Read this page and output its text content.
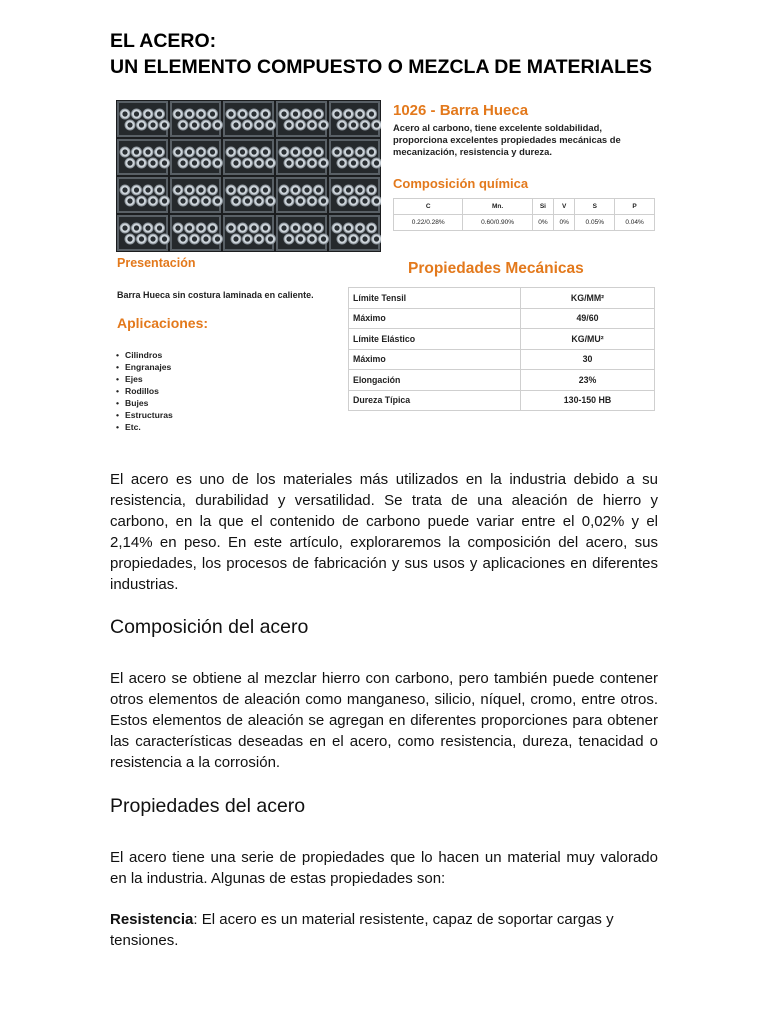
EL ACERO:
UN ELEMENTO COMPUESTO O MEZCLA DE MATERIALES
1026 - Barra Hueca
Acero al carbono, tiene excelente soldabilidad, proporciona excelentes propiedades mecánicas de mecanización, resistencia y dureza.
Composición química
C	Mn.	Si	V	S	P
0.22/0.28%	0.60/0.90%	0%	0%	0.05%	0.04%
Presentación
Barra Hueca sin costura laminada en caliente.
Aplicaciones:
• Cilindros
• Engranajes
• Ejes
• Rodillos
• Bujes
• Estructuras
• Etc.
Propiedades Mecánicas
Límite Tensil	KG/MM²
Máximo	49/60
Límite Elástico	KG/MU²
Máximo	30
Elongación	23%
Dureza Típica	130-150 HB

El acero es uno de los materiales más utilizados en la industria debido a su resistencia, durabilidad y versatilidad. Se trata de una aleación de hierro y carbono, en la que el contenido de carbono puede variar entre el 0,02% y el 2,14% en peso. En este artículo, exploraremos la composición del acero, sus propiedades, los procesos de fabricación y sus usos y aplicaciones en diferentes industrias.

Composición del acero

El acero se obtiene al mezclar hierro con carbono, pero también puede contener otros elementos de aleación como manganeso, silicio, níquel, cromo, entre otros. Estos elementos de aleación se agregan en diferentes proporciones para obtener las características deseadas en el acero, como resistencia, dureza, tenacidad o resistencia a la corrosión.

Propiedades del acero

El acero tiene una serie de propiedades que lo hacen un material muy valorado en la industria. Algunas de estas propiedades son:

Resistencia: El acero es un material resistente, capaz de soportar cargas y tensiones.
